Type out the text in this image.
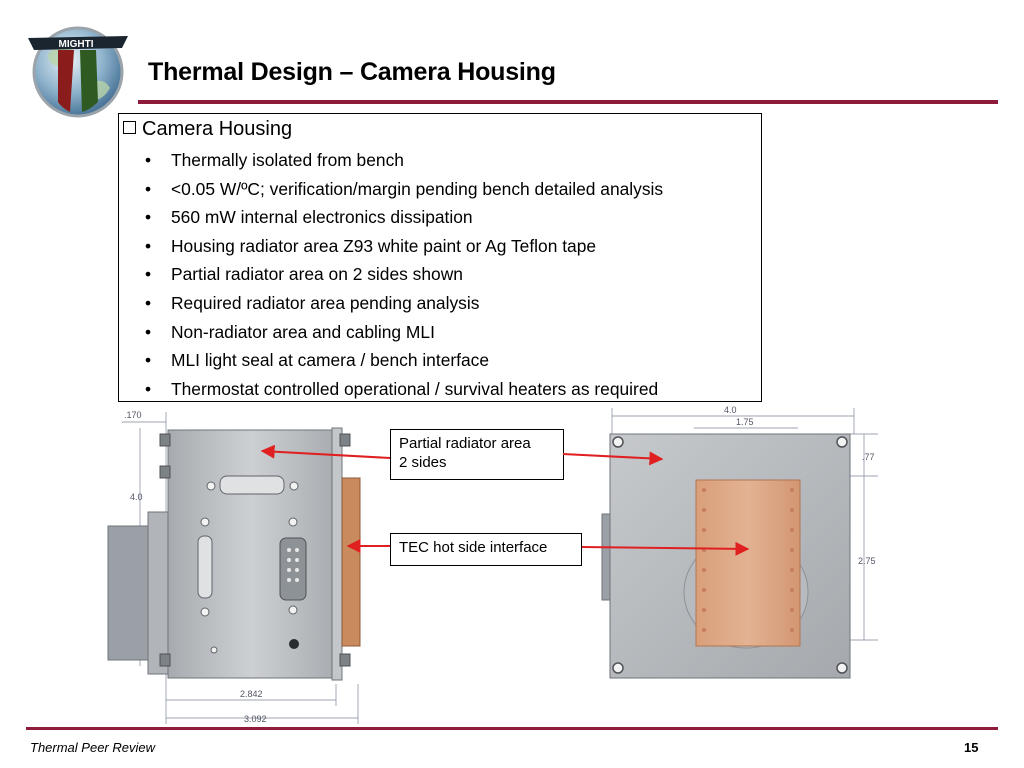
MIGHTI
Thermal Design – Camera Housing
Camera Housing
• Thermally isolated from bench
• <0.05 W/ºC; verification/margin pending bench detailed analysis
• 560 mW internal electronics dissipation
• Housing radiator area Z93 white paint or Ag Teflon tape
• Partial radiator area on 2 sides shown
• Required radiator area pending analysis
• Non-radiator area and cabling MLI
• MLI light seal at camera / bench interface
• Thermostat controlled operational / survival heaters as required
.170
4.0
2.842
3.092
4.0
1.75
.77
2.75
Partial radiator area
2 sides
TEC hot side interface
Thermal Peer Review	15
